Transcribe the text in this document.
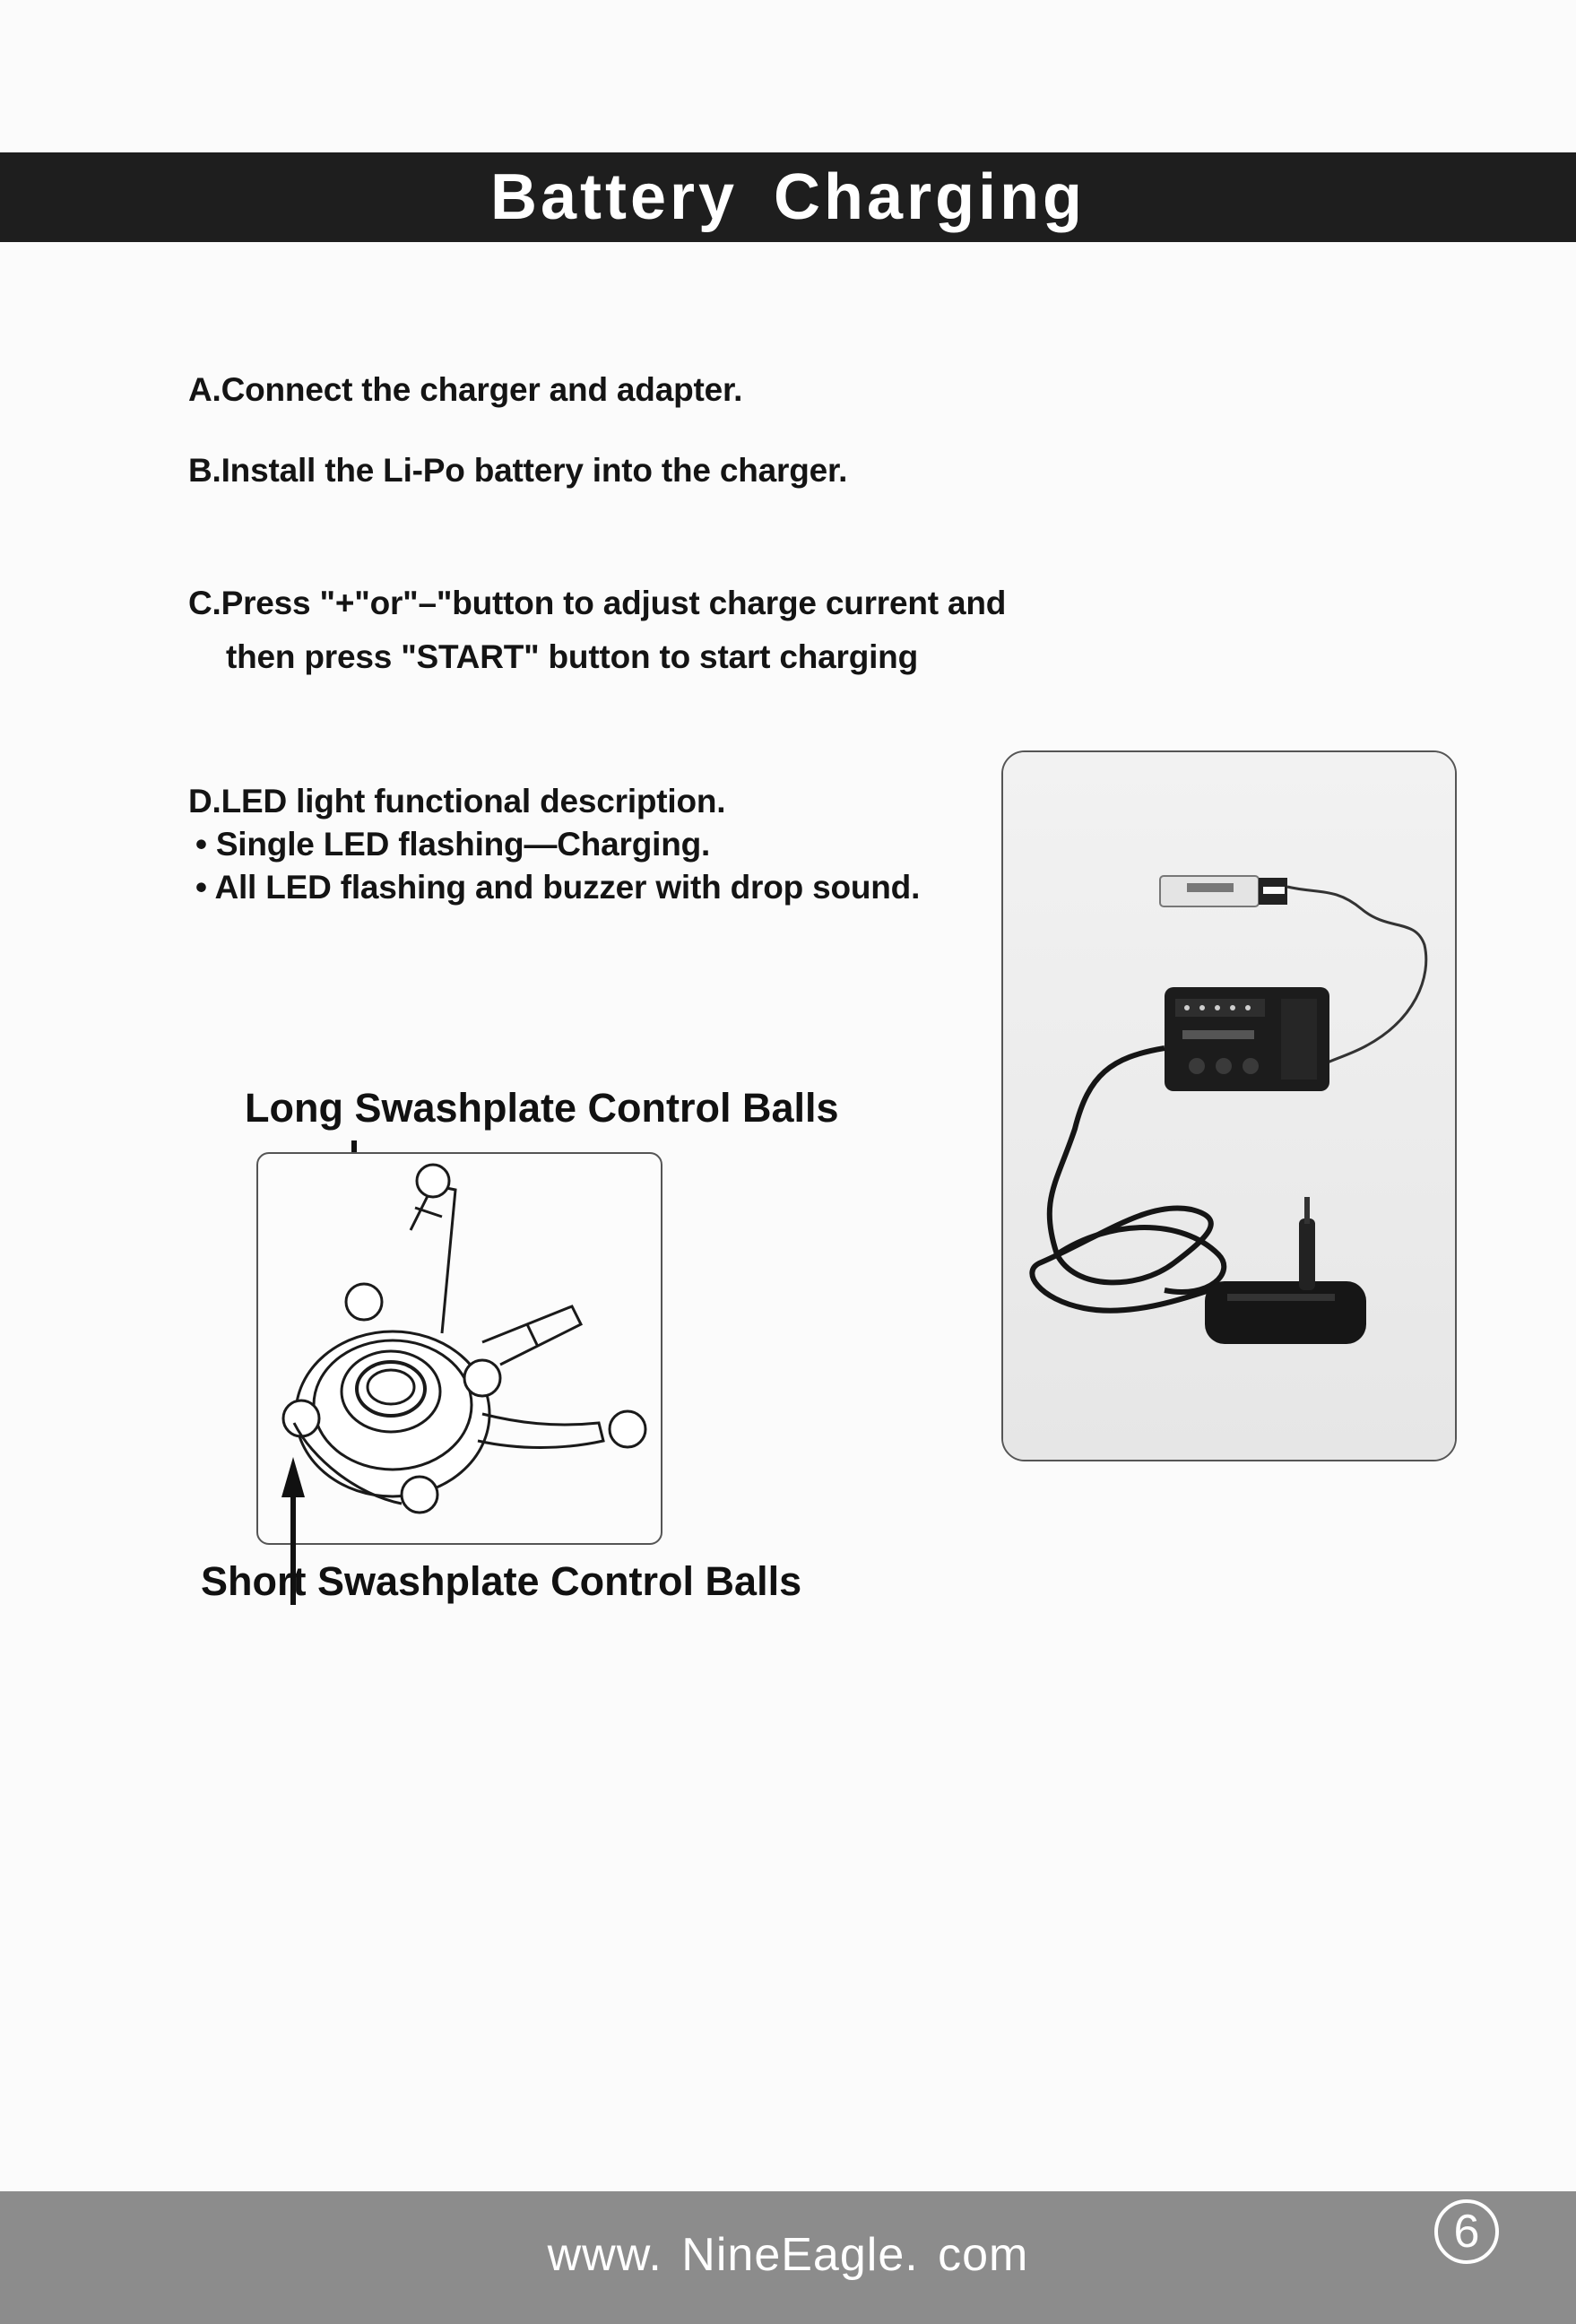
Battery Charging
A.Connect the charger and adapter.
B.Install the Li-Po battery into the charger.
C.Press "+"or"–"button to adjust charge current and
then press "START" button to start charging
D.LED light functional description.
• Single LED flashing—Charging.
• All LED flashing and buzzer with drop sound.
Long Swashplate Control Balls
Short Swashplate Control Balls
www. NineEagle. com	6
